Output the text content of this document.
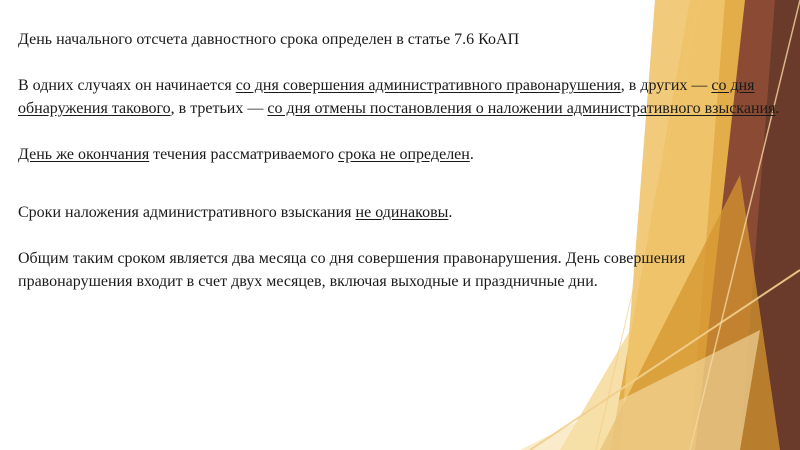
День начального отсчета давностного срока определен в статье 7.6 КоАП

В одних случаях он начинается со дня совершения административного правонарушения, в других — со дня обнаружения такового, в третьих — со дня отмены постановления о наложении административного взыскания.

День же окончания течения рассматриваемого срока не определен.

Сроки наложения административного взыскания не одинаковы.

Общим таким сроком является два месяца со дня совершения правонарушения. День совершения правонарушения входит в счет двух месяцев, включая выходные и праздничные дни.
